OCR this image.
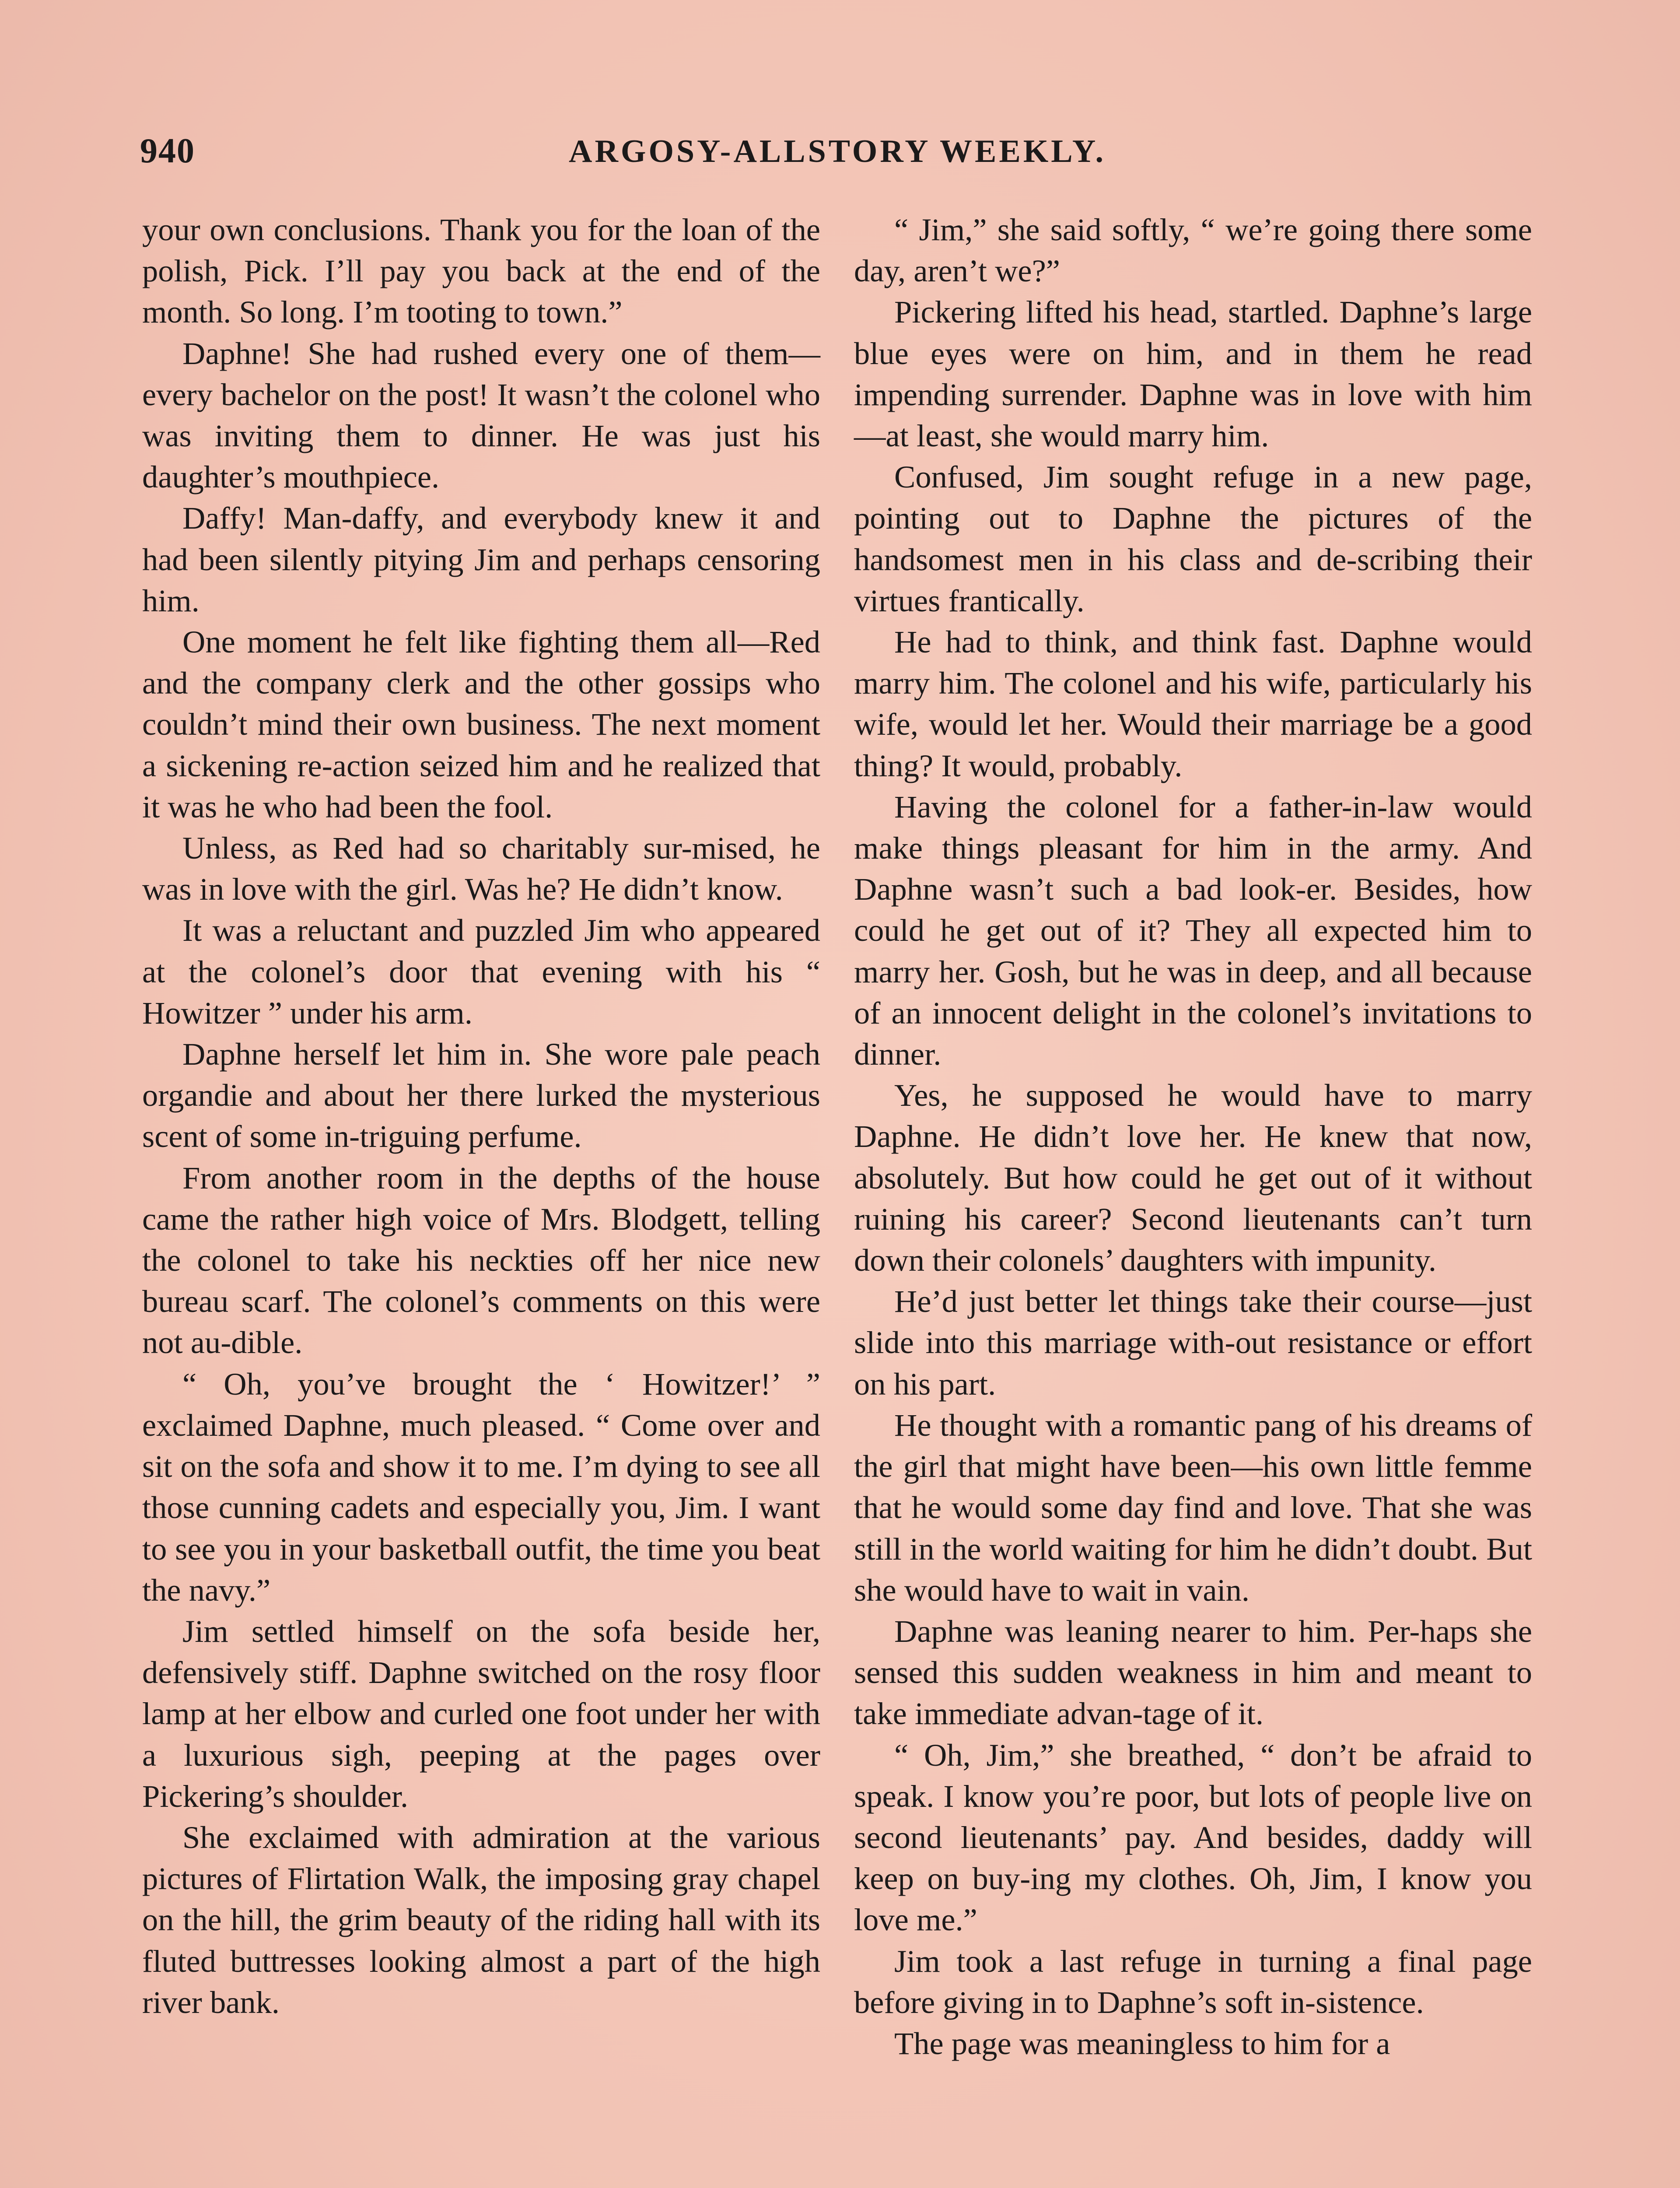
940	ARGOSY-ALLSTORY WEEKLY.

your own conclusions. Thank you for the loan of the polish, Pick. I’ll pay you back at the end of the month. So long. I’m tooting to town.”

Daphne! She had rushed every one of them—every bachelor on the post! It wasn’t the colonel who was inviting them to dinner. He was just his daughter’s mouthpiece.

Daffy! Man-daffy, and everybody knew it and had been silently pitying Jim and perhaps censoring him.

One moment he felt like fighting them all—Red and the company clerk and the other gossips who couldn’t mind their own business. The next moment a sickening re-action seized him and he realized that it was he who had been the fool.

Unless, as Red had so charitably sur-mised, he was in love with the girl. Was he? He didn’t know.

It was a reluctant and puzzled Jim who appeared at the colonel’s door that evening with his “ Howitzer ” under his arm.

Daphne herself let him in. She wore pale peach organdie and about her there lurked the mysterious scent of some in-triguing perfume.

From another room in the depths of the house came the rather high voice of Mrs. Blodgett, telling the colonel to take his neckties off her nice new bureau scarf. The colonel’s comments on this were not au-dible.

“ Oh, you’ve brought the ‘ Howitzer!’ ” exclaimed Daphne, much pleased. “ Come over and sit on the sofa and show it to me. I’m dying to see all those cunning cadets and especially you, Jim. I want to see you in your basketball outfit, the time you beat the navy.”

Jim settled himself on the sofa beside her, defensively stiff. Daphne switched on the rosy floor lamp at her elbow and curled one foot under her with a luxurious sigh, peeping at the pages over Pickering’s shoulder.

She exclaimed with admiration at the various pictures of Flirtation Walk, the imposing gray chapel on the hill, the grim beauty of the riding hall with its fluted buttresses looking almost a part of the high river bank.

“ Jim,” she said softly, “ we’re going there some day, aren’t we?”

Pickering lifted his head, startled. Daphne’s large blue eyes were on him, and in them he read impending surrender. Daphne was in love with him—at least, she would marry him.

Confused, Jim sought refuge in a new page, pointing out to Daphne the pictures of the handsomest men in his class and de-scribing their virtues frantically.

He had to think, and think fast. Daphne would marry him. The colonel and his wife, particularly his wife, would let her. Would their marriage be a good thing? It would, probably.

Having the colonel for a father-in-law would make things pleasant for him in the army. And Daphne wasn’t such a bad look-er. Besides, how could he get out of it? They all expected him to marry her. Gosh, but he was in deep, and all because of an innocent delight in the colonel’s invitations to dinner.

Yes, he supposed he would have to marry Daphne. He didn’t love her. He knew that now, absolutely. But how could he get out of it without ruining his career? Second lieutenants can’t turn down their colonels’ daughters with impunity.

He’d just better let things take their course—just slide into this marriage with-out resistance or effort on his part.

He thought with a romantic pang of his dreams of the girl that might have been—his own little femme that he would some day find and love. That she was still in the world waiting for him he didn’t doubt. But she would have to wait in vain.

Daphne was leaning nearer to him. Per-haps she sensed this sudden weakness in him and meant to take immediate advan-tage of it.

“ Oh, Jim,” she breathed, “ don’t be afraid to speak. I know you’re poor, but lots of people live on second lieutenants’ pay. And besides, daddy will keep on buy-ing my clothes. Oh, Jim, I know you love me.”

Jim took a last refuge in turning a final page before giving in to Daphne’s soft in-sistence.

The page was meaningless to him for a
